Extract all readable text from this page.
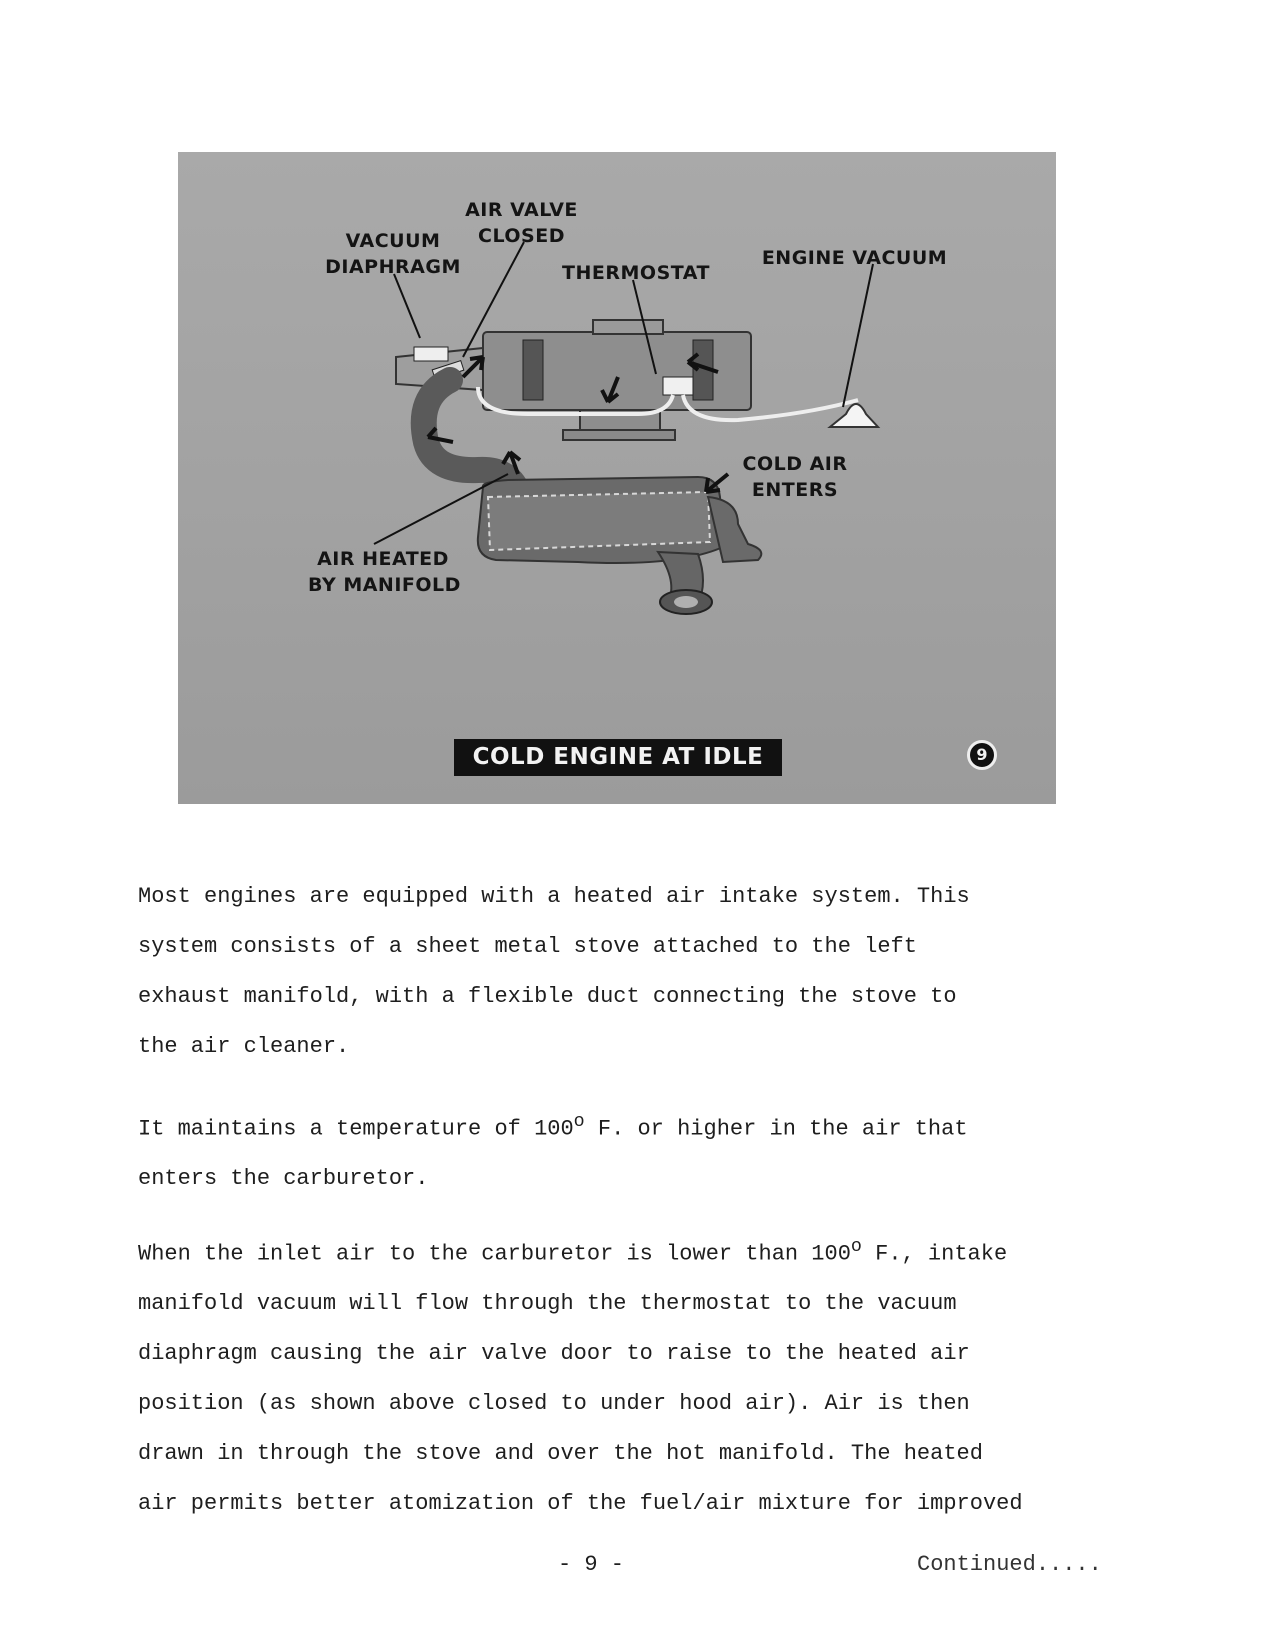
VACUUM
DIAPHRAGM
AIR VALVE
CLOSED
THERMOSTAT
ENGINE VACUUM
COLD AIR
ENTERS
AIR HEATED
BY MANIFOLD
COLD ENGINE AT IDLE	9

Most engines are equipped with a heated air intake system. This

system consists of a sheet metal stove attached to the left

exhaust manifold, with a flexible duct connecting the stove to

the air cleaner.

It maintains a temperature of 100$^o$ F. or higher in the air that

enters the carburetor.

When the inlet air to the carburetor is lower than 100$^o$ F., intake

manifold vacuum will flow through the thermostat to the vacuum

diaphragm causing the air valve door to raise to the heated air

position (as shown above closed to under hood air). Air is then

drawn in through the stove and over the hot manifold. The heated

air permits better atomization of the fuel/air mixture for improved

- 9 -	Continued.....
